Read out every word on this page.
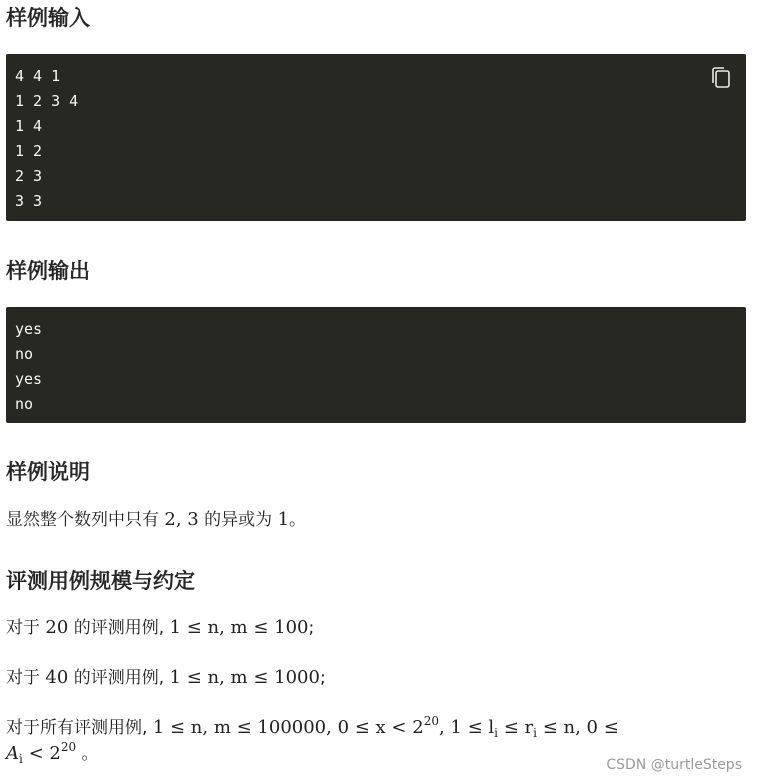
样例输入
4 4 1
1 2 3 4
1 4
1 2
2 3
3 3
样例输出
yes
no
yes
no
样例说明

显然整个数列中只有 2, 3 的异或为 1。

评测用例规模与约定

对于 20 的评测用例, 1 ≤ n, m ≤ 100;

对于 40 的评测用例, 1 ≤ n, m ≤ 1000;

对于所有评测用例, 1 ≤ n, m ≤ 100000, $0 \le x < 2^{20}$, $1 \le l_i \le r_i \le n$, 0 ≤
$A_i < 2^{20}$ 。

CSDN @turtleSteps
